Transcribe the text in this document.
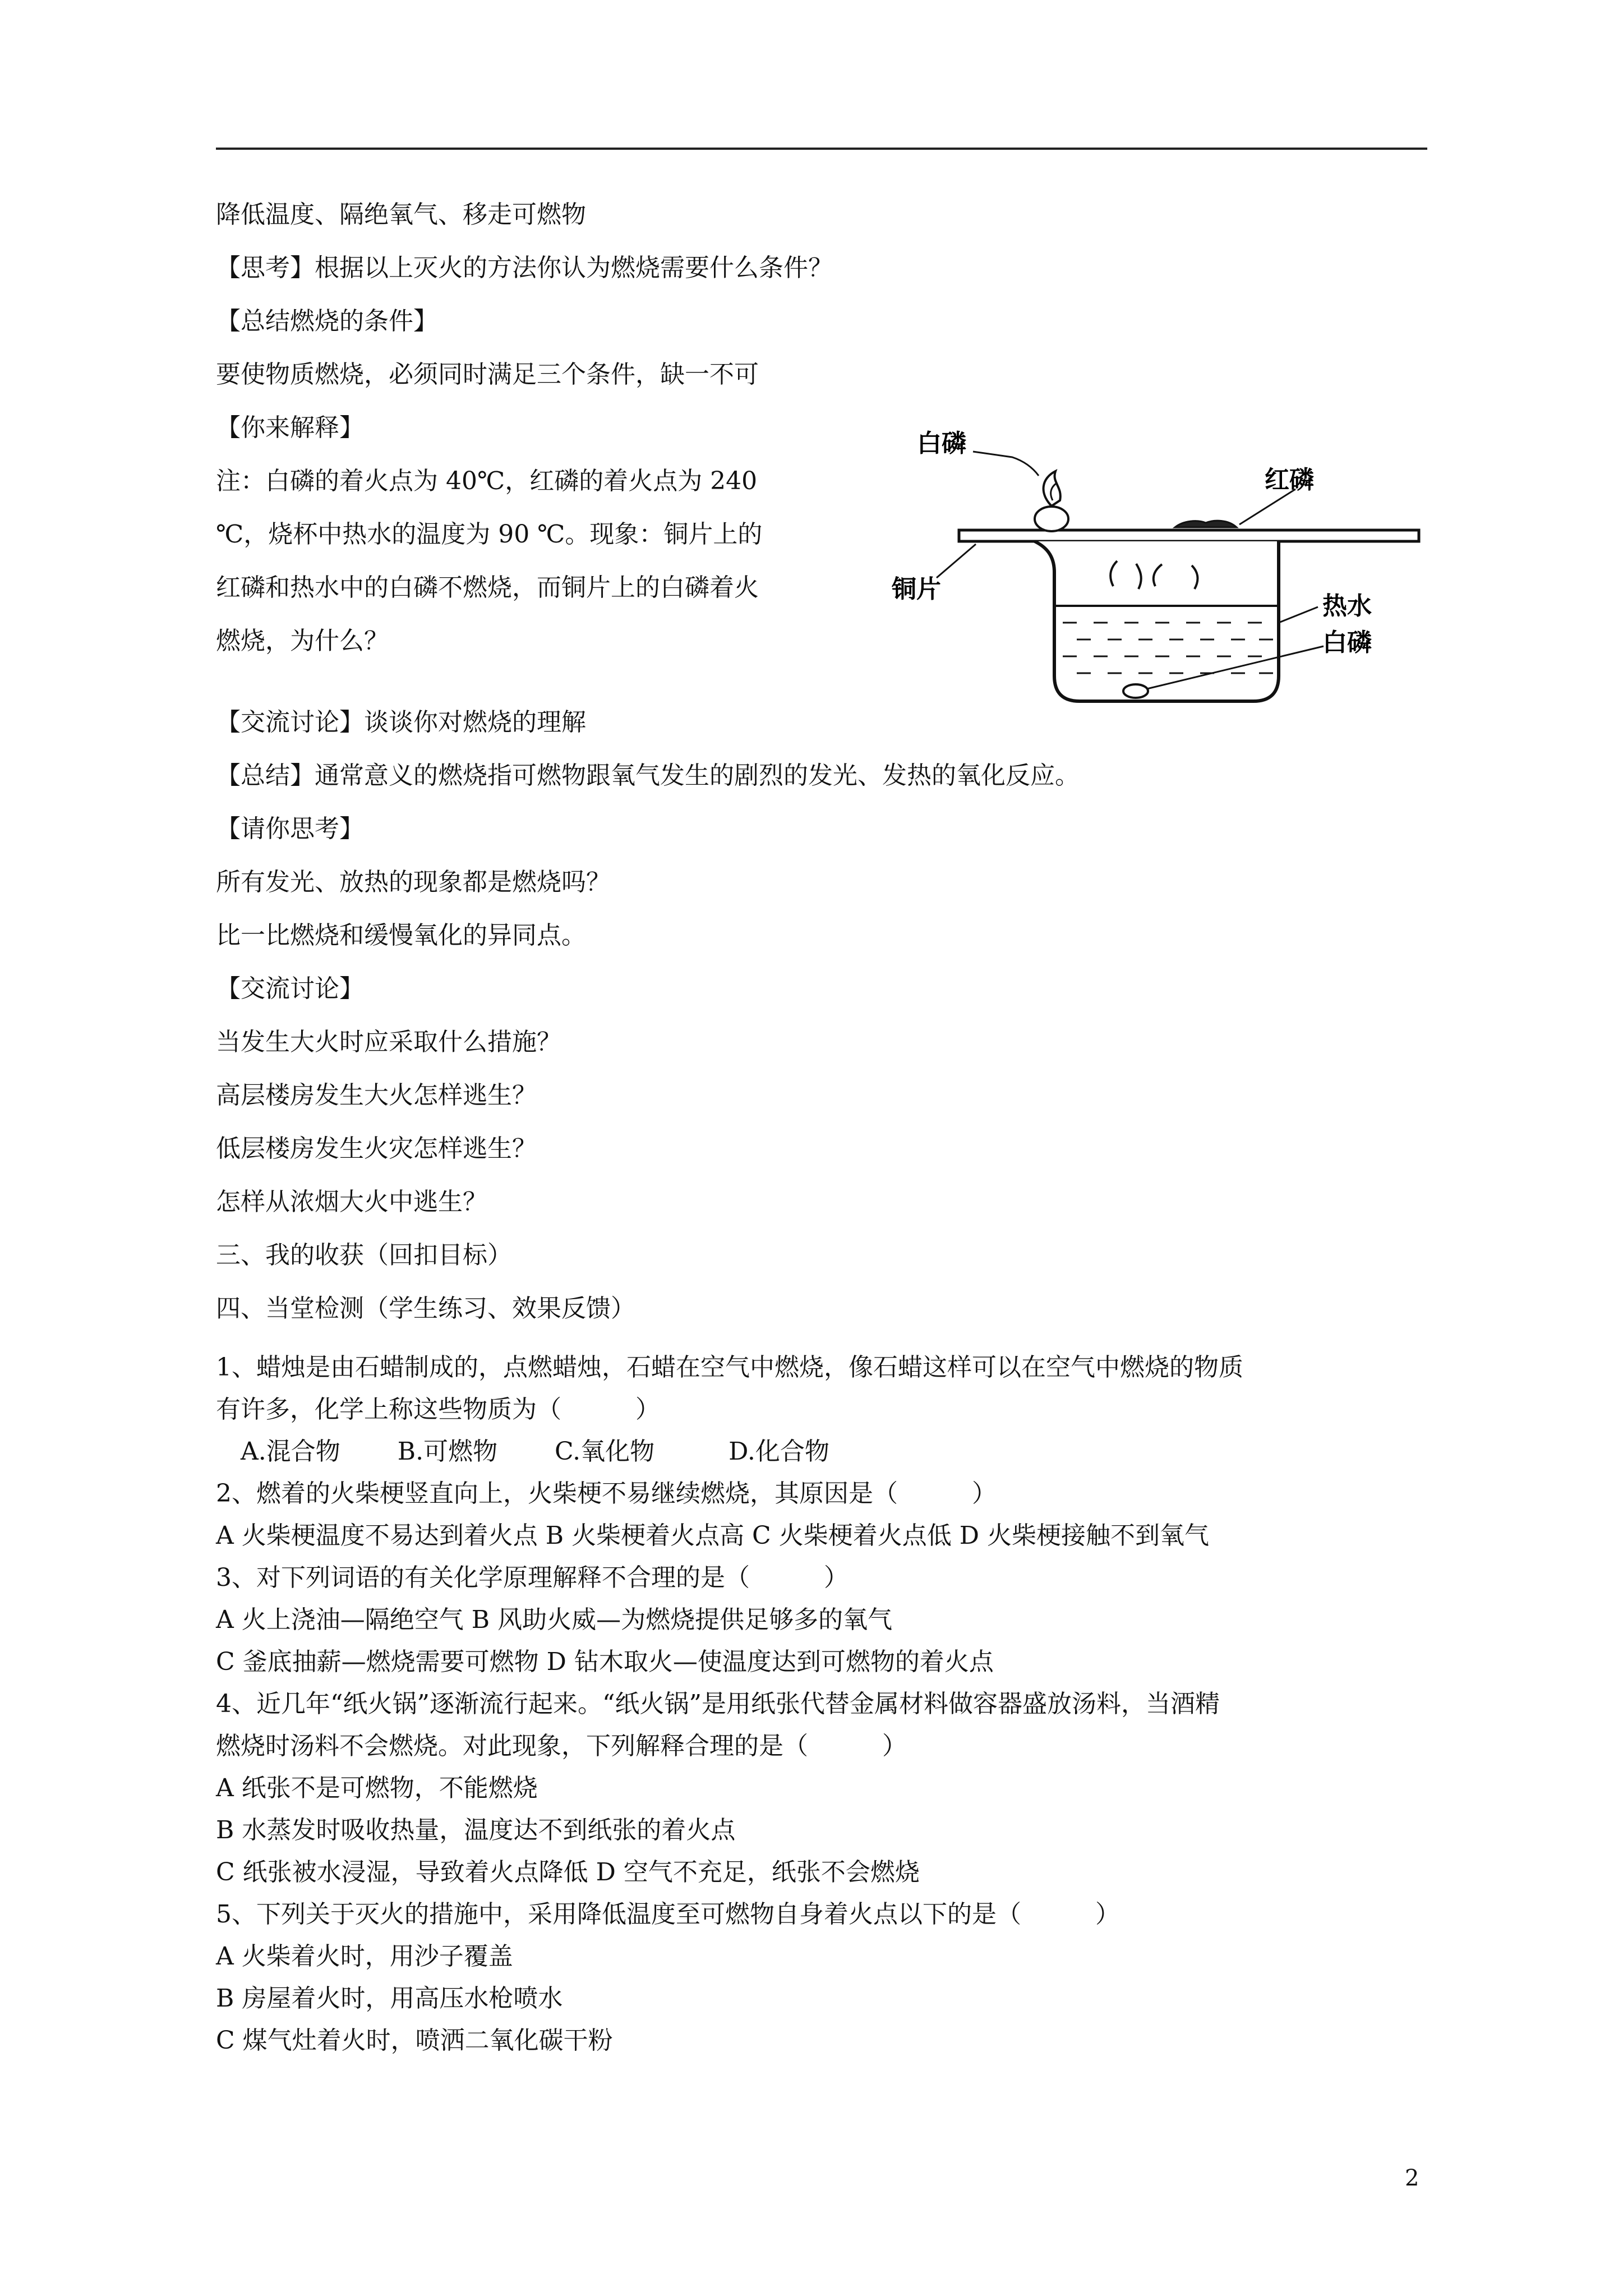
降低温度、隔绝氧气、移走可燃物
【思考】根据以上灭火的方法你认为燃烧需要什么条件？
【总结燃烧的条件】
要使物质燃烧，必须同时满足三个条件，缺一不可
【你来解释】
注：白磷的着火点为 40℃，红磷的着火点为 240
℃，烧杯中热水的温度为 90 ℃。现象：铜片上的
红磷和热水中的白磷不燃烧，而铜片上的白磷着火
燃烧，为什么？
白磷
红磷
铜片
热水
白磷
【交流讨论】谈谈你对燃烧的理解
【总结】通常意义的燃烧指可燃物跟氧气发生的剧烈的发光、发热的氧化反应。
【请你思考】
所有发光、放热的现象都是燃烧吗？
比一比燃烧和缓慢氧化的异同点。
【交流讨论】
当发生大火时应采取什么措施？
高层楼房发生大火怎样逃生？
低层楼房发生火灾怎样逃生？
怎样从浓烟大火中逃生？
三、我的收获（回扣目标）
四、当堂检测（学生练习、效果反馈）
1、蜡烛是由石蜡制成的，点燃蜡烛，石蜡在空气中燃烧，像石蜡这样可以在空气中燃烧的物质
有许多，化学上称这些物质为（　　　）
　A.混合物　　 B.可燃物　　 C.氧化物　　　D.化合物
2、燃着的火柴梗竖直向上，火柴梗不易继续燃烧，其原因是（　　　）
A 火柴梗温度不易达到着火点 B 火柴梗着火点高 C 火柴梗着火点低 D 火柴梗接触不到氧气
3、对下列词语的有关化学原理解释不合理的是（　　　）
A 火上浇油—隔绝空气 B 风助火威—为燃烧提供足够多的氧气
C 釜底抽薪—燃烧需要可燃物 D 钻木取火—使温度达到可燃物的着火点
4、近几年“纸火锅”逐渐流行起来。“纸火锅”是用纸张代替金属材料做容器盛放汤料，当酒精
燃烧时汤料不会燃烧。对此现象，下列解释合理的是（　　　）
A 纸张不是可燃物，不能燃烧
B 水蒸发时吸收热量，温度达不到纸张的着火点
C 纸张被水浸湿，导致着火点降低 D 空气不充足，纸张不会燃烧
5、下列关于灭火的措施中，采用降低温度至可燃物自身着火点以下的是（　　　）
A 火柴着火时，用沙子覆盖
B 房屋着火时，用高压水枪喷水
C 煤气灶着火时，喷洒二氧化碳干粉
2
